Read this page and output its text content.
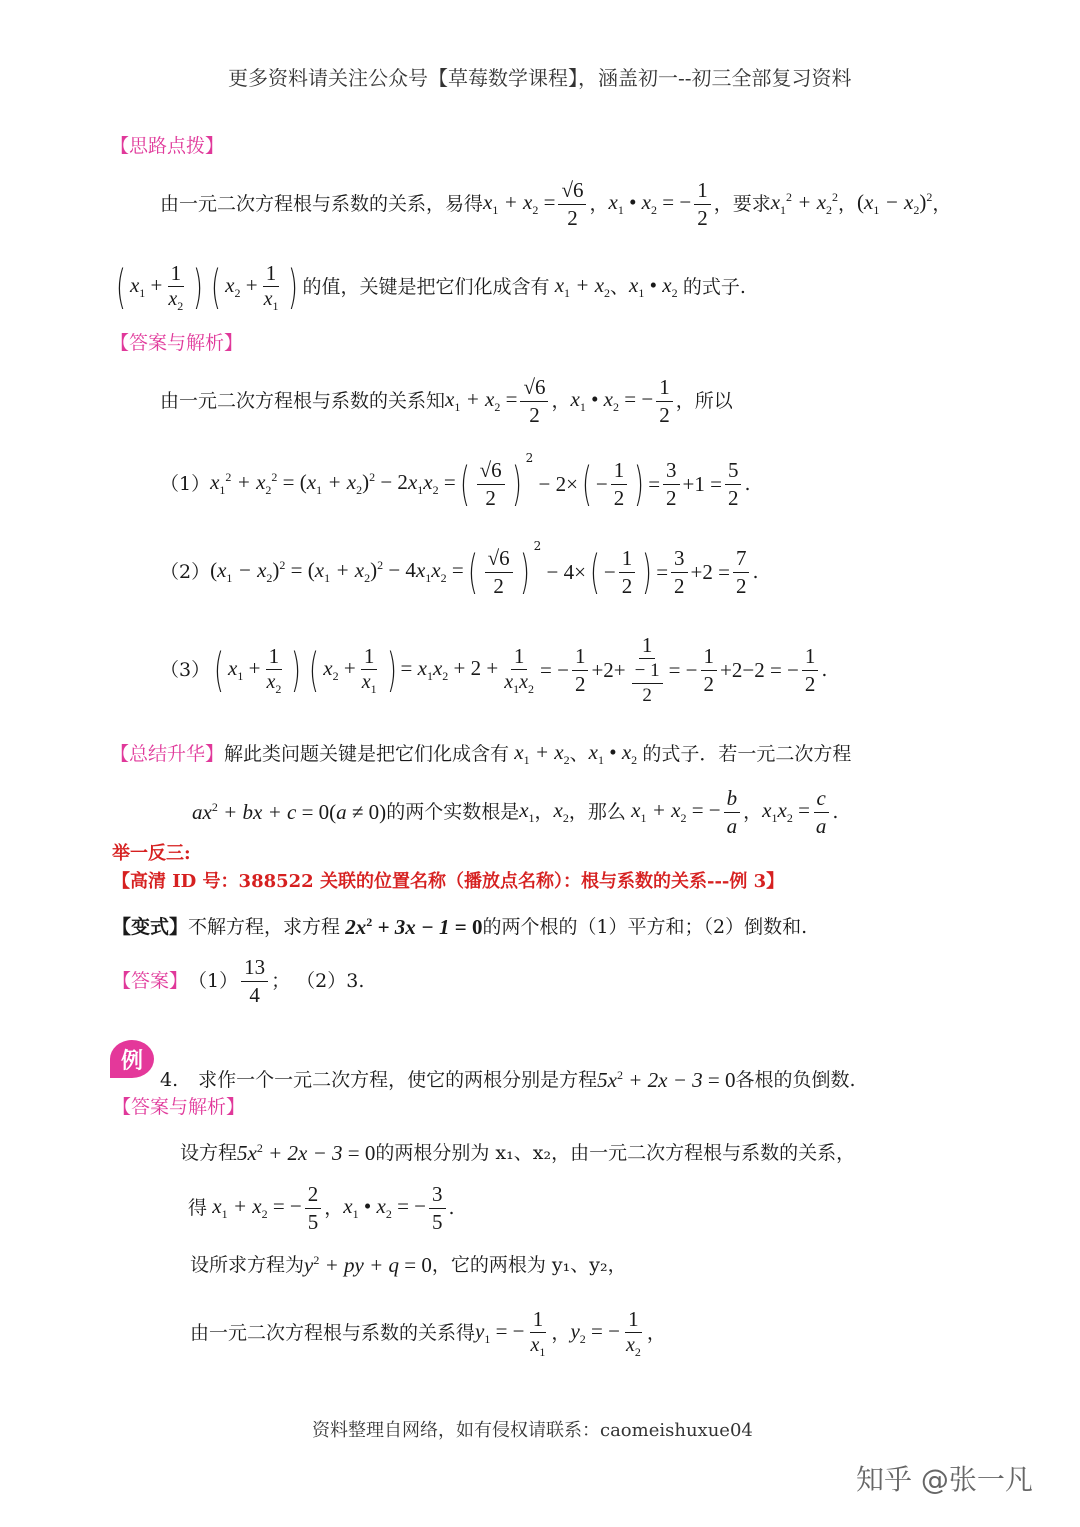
更多资料请关注公众号【草莓数学课程】，涵盖初一--初三全部复习资料
【思路点拨】
由一元二次方程根与系数的关系，易得 $x_1 + x_2 = \frac{√6}{2}$ ， $x_1$ • $x_2$ = − $\frac{1}{2}$ ，要求 $x_1^2 + x_2^2$ ， $(x_1 - x_2)^2$ ，
( $x_1 + \frac{1}{x_2}$ ) ( $x_2 + \frac{1}{x_1}$ ) 的值，关键是把它们化成含有 $x_1 + x_2$ 、 $x_1$ • $x_2$ 的式子.
【答案与解析】
由一元二次方程根与系数的关系知 $x_1 + x_2 = \frac{√6}{2}$ ， $x_1$ • $x_2$ = − $\frac{1}{2}$ ，所以
（1） $x_1^2 + x_2^2 = (x_1 + x_2)^2 - 2x_1x_2$ = ( $\frac{√6}{2}$ ) $^2$
− 2× ( − $\frac{1}{2}$ ) = $\frac{3}{2} +1 = \frac{5}{2}$ .
（2） $(x_1 - x_2)^2 = (x_1 + x_2)^2 - 4x_1x_2$ = ( $\frac{√6}{2}$ ) $^2$
− 4× ( − $\frac{1}{2}$ ) = $\frac{3}{2} +2 = \frac{7}{2}$ .
（3） ( $x_1 + \frac{1}{x_2}$ ) ( $x_2 + \frac{1}{x_1}$ ) = $x_1x_2 + 2 + \frac{1}{x_1x_2}$ = − $\frac{1}{2} +2+ \frac{1}{\frac{- 1}{2}}$ = − $\frac{1}{2} +2-2$ = − $\frac{1}{2}$ .
【总结升华】 解此类问题关键是把它们化成含有 $x_1 + x_2$ 、 $x_1$ • $x_2$ 的式子．若一元二次方程
$ax^2$ + bx + c = 0(a ≠ 0) 的两个实数根是 $x_1$ ， $x_2$ ，那么 $x_1 + x_2$ = − $\frac{b}{a}$ ， $x_1x_2 = \frac{c}{a}$ .
举一反三:
【高清 ID 号：388522 关联的位置名称（播放点名称）：根与系数的关系---例 3】
【变式】 不解方程，求方程 $2x^2 + 3x - 1 = 0$ 的两个根的（1）平方和；（2）倒数和.
【答案】 $(1) \frac{13}{4}$ ； （2）3.
例
4. 求作一个一元二次方程，使它的两根分别是方程 $5x^2 + 2x - 3 = 0$ 各根的负倒数.
【答案与解析】
设方程 $5x^2 + 2x - 3 = 0$ 的两根分别为 x₁、x₂，由一元二次方程根与系数的关系，
得 $x_1 + x_2$ = − $\frac{2}{5}$ ， $x_1$ • $x_2$ = − $\frac{3}{5}$ .
设所求方程为 $y^2$ + py + q = 0 ，它的两根为 y₁、y₂，
由一元二次方程根与系数的关系得 $y_1$ = − $\frac{1}{x_1}$ ， $y_2$ = − $\frac{1}{x_2}$ ，
资料整理自网络，如有侵权请联系：caomeishuxue04
知乎 @张一凡
